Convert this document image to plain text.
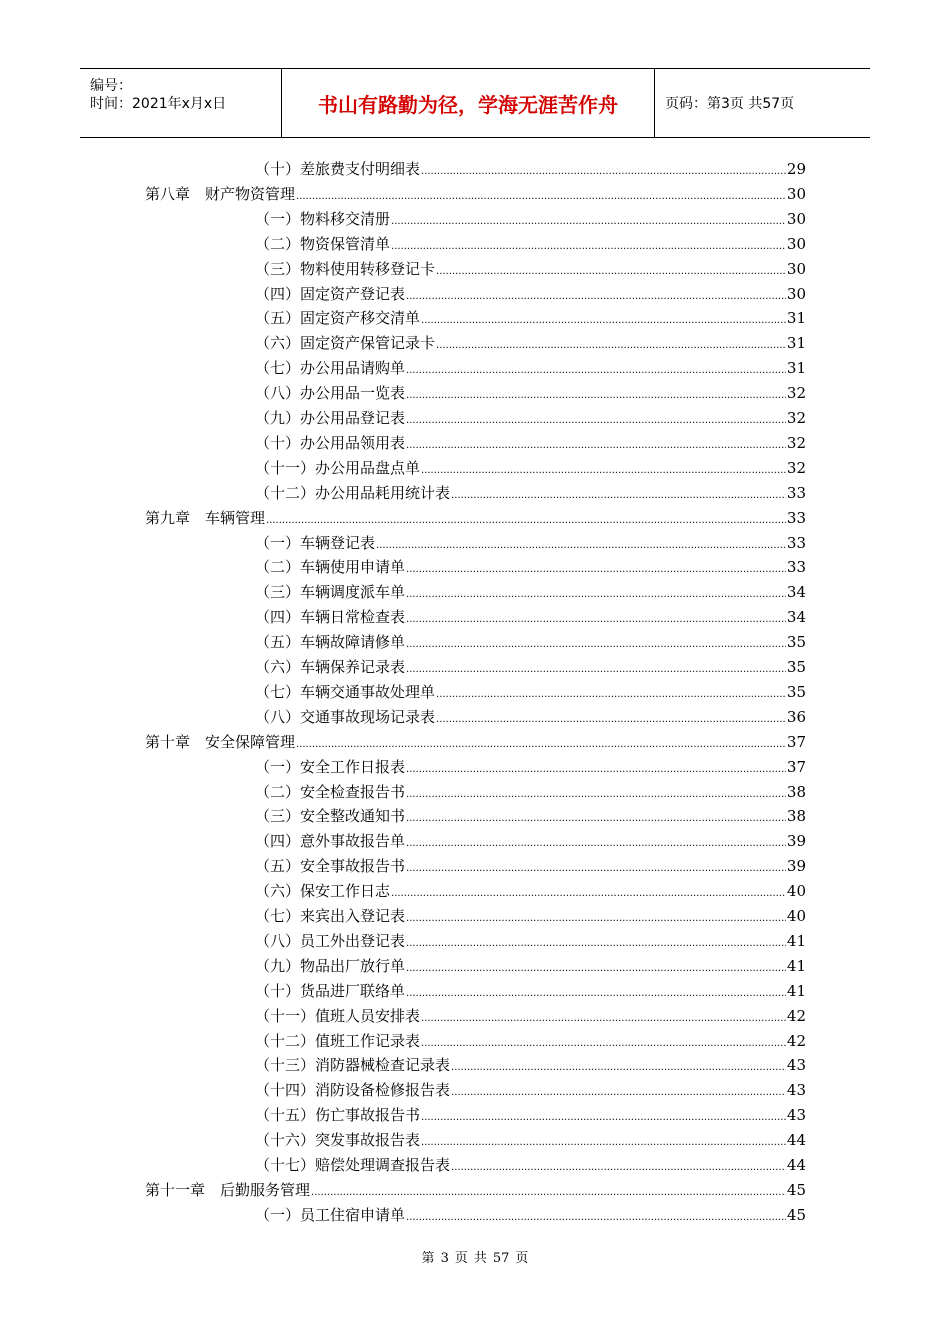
编号：
时间：2021年x月x日	书山有路勤为径，学海无涯苦作舟	页码：第3页 共57页
（十）差旅费支付明细表 .....	29
第八章　财产物资管理 .....	30
（一）物料移交清册 .....	30
（二）物资保管清单 .....	30
（三）物料使用转移登记卡 .....	30
（四）固定资产登记表 .....	30
（五）固定资产移交清单 .....	31
（六）固定资产保管记录卡 .....	31
（七）办公用品请购单 .....	31
（八）办公用品一览表 .....	32
（九）办公用品登记表 .....	32
（十）办公用品领用表 .....	32
（十一）办公用品盘点单 .....	32
（十二）办公用品耗用统计表 .....	33
第九章　车辆管理 .....	33
（一）车辆登记表 .....	33
（二）车辆使用申请单 .....	33
（三）车辆调度派车单 .....	34
（四）车辆日常检查表 .....	34
（五）车辆故障请修单 .....	35
（六）车辆保养记录表 .....	35
（七）车辆交通事故处理单 .....	35
（八）交通事故现场记录表 .....	36
第十章　安全保障管理 .....	37
（一）安全工作日报表 .....	37
（二）安全检查报告书 .....	38
（三）安全整改通知书 .....	38
（四）意外事故报告单 .....	39
（五）安全事故报告书 .....	39
（六）保安工作日志 .....	40
（七）来宾出入登记表 .....	40
（八）员工外出登记表 .....	41
（九）物品出厂放行单 .....	41
（十）货品进厂联络单 .....	41
（十一）值班人员安排表 .....	42
（十二）值班工作记录表 .....	42
（十三）消防器械检查记录表 .....	43
（十四）消防设备检修报告表 .....	43
（十五）伤亡事故报告书 .....	43
（十六）突发事故报告表 .....	44
（十七）赔偿处理调查报告表 .....	44
第十一章　后勤服务管理 .....	45
（一）员工住宿申请单 .....	45
第 3 页 共 57 页
